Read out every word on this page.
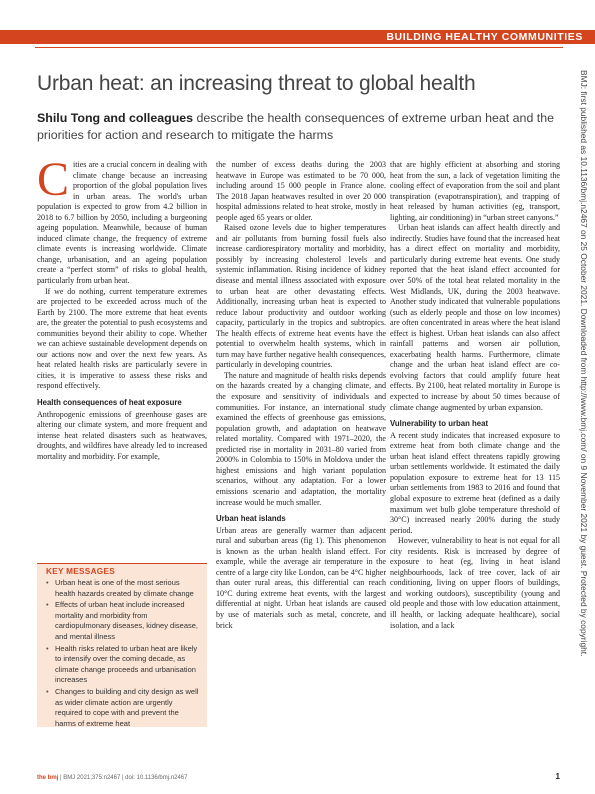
BUILDING HEALTHY COMMUNITIES
Urban heat: an increasing threat to global health
Shilu Tong and colleagues describe the health consequences of extreme urban heat and the priorities for action and research to mitigate the harms

Cities are a crucial concern in dealing with climate change because an increasing proportion of the global population lives in urban areas. The world's urban population is expected to grow from 4.2 billion in 2018 to 6.7 billion by 2050, including a burgeoning ageing population. Meanwhile, because of human induced climate change, the frequency of extreme climate events is increasing worldwide. Climate change, urbanisation, and an ageing population create a “perfect storm” of risks to global health, particularly from urban heat.

If we do nothing, current temperature extremes are projected to be exceeded across much of the Earth by 2100. The more extreme that heat events are, the greater the potential to push ecosystems and communities beyond their ability to cope. Whether we can achieve sustainable development depends on our actions now and over the next few years. As heat related health risks are particularly severe in cities, it is imperative to assess these risks and respond effectively.

Health consequences of heat exposure

Anthropogenic emissions of greenhouse gases are altering our climate system, and more frequent and intense heat related disasters such as heatwaves, droughts, and wildfires have already led to increased mortality and morbidity. For example,

KEY MESSAGES
• Urban heat is one of the most serious health hazards created by climate change
• Effects of urban heat include increased mortality and morbidity from cardiopulmonary diseases, kidney disease, and mental illness
• Health risks related to urban heat are likely to intensify over the coming decade, as climate change proceeds and urbanisation increases
• Changes to building and city design as well as wider climate action are urgently required to cope with and prevent the harms of extreme heat

the number of excess deaths during the 2003 heatwave in Europe was estimated to be 70 000, including around 15 000 people in France alone. The 2018 Japan heatwaves resulted in over 20 000 hospital admissions related to heat stroke, mostly in people aged 65 years or older.

Raised ozone levels due to higher temperatures and air pollutants from burning fossil fuels also increase cardiorespiratory mortality and morbidity, possibly by increasing cholesterol levels and systemic inflammation. Rising incidence of kidney disease and mental illness associated with exposure to urban heat are other devastating effects. Additionally, increasing urban heat is expected to reduce labour productivity and outdoor working capacity, particularly in the tropics and subtropics. The health effects of extreme heat events have the potential to overwhelm health systems, which in turn may have further negative health consequences, particularly in developing countries.

The nature and magnitude of health risks depends on the hazards created by a changing climate, and the exposure and sensitivity of individuals and communities. For instance, an international study examined the effects of greenhouse gas emissions, population growth, and adaptation on heatwave related mortality. Compared with 1971–2020, the predicted rise in mortality in 2031–80 varied from 2000% in Colombia to 150% in Moldova under the highest emissions and high variant population scenarios, without any adaptation. For a lower emissions scenario and adaptation, the mortality increase would be much smaller.

Urban heat islands

Urban areas are generally warmer than adjacent rural and suburban areas (fig 1). This phenomenon is known as the urban health island effect. For example, while the average air temperature in the centre of a large city like London, can be 4°C higher than outer rural areas, this differential can reach 10°C during extreme heat events, with the largest differential at night. Urban heat islands are caused by use of materials such as metal, concrete, and brick

that are highly efficient at absorbing and storing heat from the sun, a lack of vegetation limiting the cooling effect of evaporation from the soil and plant transpiration (evapotranspiration), and trapping of heat released by human activities (eg, transport, lighting, air conditioning) in “urban street canyons.”

Urban heat islands can affect health directly and indirectly. Studies have found that the increased heat has a direct effect on mortality and morbidity, particularly during extreme heat events. One study reported that the heat island effect accounted for over 50% of the total heat related mortality in the West Midlands, UK, during the 2003 heatwave. Another study indicated that vulnerable populations (such as elderly people and those on low incomes) are often concentrated in areas where the heat island effect is highest. Urban heat islands can also affect rainfall patterns and worsen air pollution, exacerbating health harms. Furthermore, climate change and the urban heat island effect are co-evolving factors that could amplify future heat effects. By 2100, heat related mortality in Europe is expected to increase by about 50 times because of climate change augmented by urban expansion.

Vulnerability to urban heat

A recent study indicates that increased exposure to extreme heat from both climate change and the urban heat island effect threatens rapidly growing urban settlements worldwide. It estimated the daily population exposure to extreme heat for 13 115 urban settlements from 1983 to 2016 and found that global exposure to extreme heat (defined as a daily maximum wet bulb globe temperature threshold of 30°C) increased nearly 200% during the study period.

However, vulnerability to heat is not equal for all city residents. Risk is increased by degree of exposure to heat (eg, living in heat island neighbourhoods, lack of tree cover, lack of air conditioning, living on upper floors of buildings, and working outdoors), susceptibility (young and old people and those with low education attainment, ill health, or lacking adequate healthcare), social isolation, and a lack	BMJ: first published as 10.1136/bmj.n2467 on 25 October 2021. Downloaded from http://www.bmj.com/ on 9 November 2021 by guest. Protected by copyright.
the bmj | BMJ 2021;375:n2467 | doi: 10.1136/bmj.n2467	1
